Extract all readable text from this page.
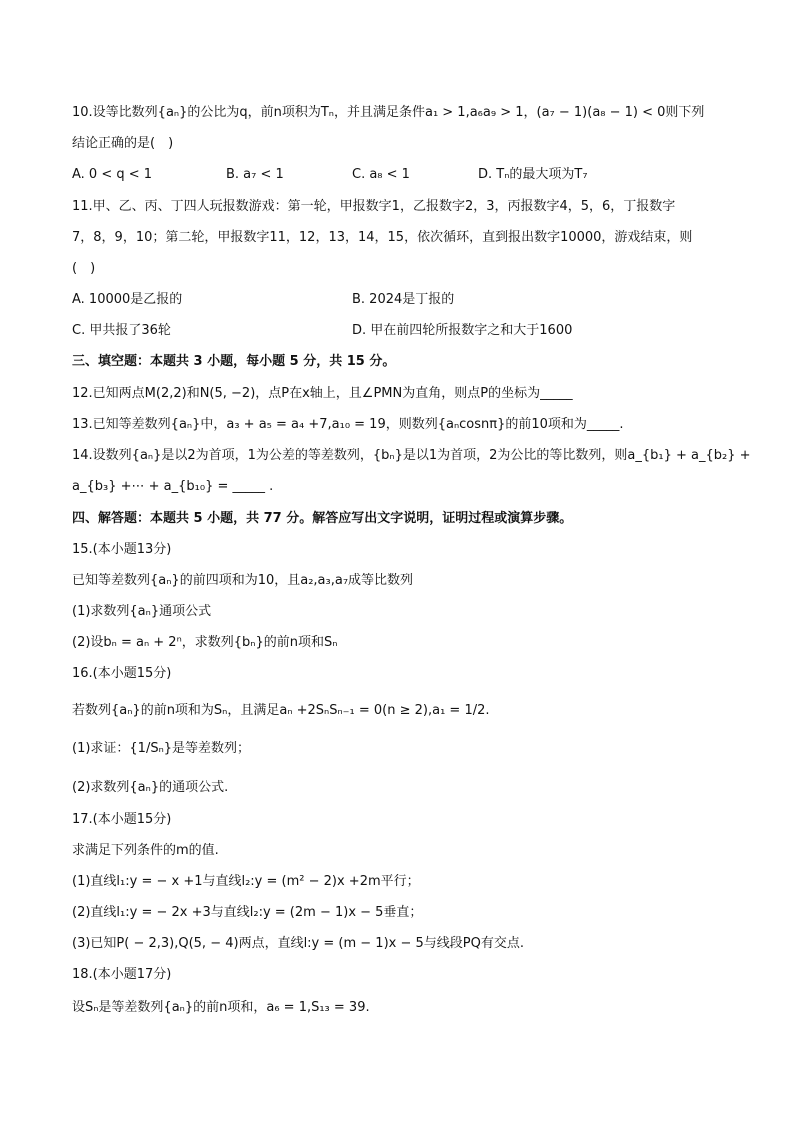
10.设等比数列{aₙ}的公比为q，前n项积为Tₙ，并且满足条件a₁ > 1,a₆a₉ > 1，(a₇ − 1)(a₈ − 1) < 0则下列
结论正确的是(　)
A. 0 < q < 1	B. a₇ < 1	C. a₈ < 1	D. Tₙ的最大项为T₇
11.甲、乙、丙、丁四人玩报数游戏：第一轮，甲报数字1，乙报数字2，3，丙报数字4，5，6，丁报数字
7，8，9，10；第二轮，甲报数字11，12，13，14，15，依次循环，直到报出数字10000，游戏结束，则
(　)
A. 10000是乙报的	B. 2024是丁报的
C. 甲共报了36轮	D. 甲在前四轮所报数字之和大于1600
三、填空题：本题共 3 小题，每小题 5 分，共 15 分。
12.已知两点M(2,2)和N(5, −2)，点P在x轴上，且∠PMN为直角，则点P的坐标为_____
13.已知等差数列{aₙ}中，a₃ + a₅ = a₄ +7,a₁₀ = 19，则数列{aₙcosnπ}的前10项和为_____.
14.设数列{aₙ}是以2为首项，1为公差的等差数列，{bₙ}是以1为首项，2为公比的等比数列，则a_{b₁} + a_{b₂} +
a_{b₃} +⋯ + a_{b₁₀} = _____ .
四、解答题：本题共 5 小题，共 77 分。解答应写出文字说明，证明过程或演算步骤。
15.(本小题13分)
已知等差数列{aₙ}的前四项和为10，且a₂,a₃,a₇成等比数列
(1)求数列{aₙ}通项公式
(2)设bₙ = aₙ + 2ⁿ，求数列{bₙ}的前n项和Sₙ
16.(本小题15分)
若数列{aₙ}的前n项和为Sₙ，且满足aₙ +2SₙSₙ₋₁ = 0(n ≥ 2),a₁ = 1/2.
(1)求证：{1/Sₙ}是等差数列；
(2)求数列{aₙ}的通项公式.
17.(本小题15分)
求满足下列条件的m的值.
(1)直线l₁:y = − x +1与直线l₂:y = (m² − 2)x +2m平行；
(2)直线l₁:y = − 2x +3与直线l₂:y = (2m − 1)x − 5垂直；
(3)已知P( − 2,3),Q(5, − 4)两点，直线l:y = (m − 1)x − 5与线段PQ有交点.
18.(本小题17分)
设Sₙ是等差数列{aₙ}的前n项和，a₆ = 1,S₁₃ = 39.
